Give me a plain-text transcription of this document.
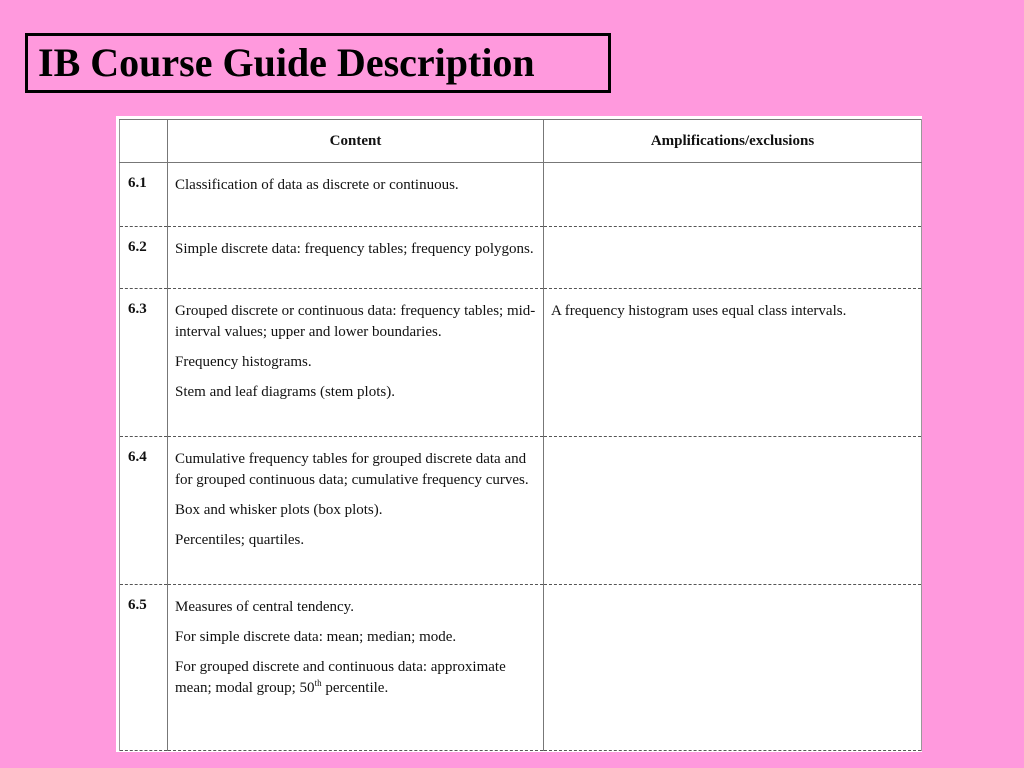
IB Course Guide Description
	Content	Amplifications/exclusions
6.1	Classification of data as discrete or continuous.	

6.2	Simple discrete data: frequency tables; frequency polygons.	

6.3	Grouped discrete or continuous data: frequency tables; mid-interval values; upper and lower boundaries.

Frequency histograms.

Stem and leaf diagrams (stem plots).	A frequency histogram uses equal class intervals.

6.4	Cumulative frequency tables for grouped discrete data and for grouped continuous data; cumulative frequency curves.

Box and whisker plots (box plots).

Percentiles; quartiles.	

6.5	Measures of central tendency.

For simple discrete data: mean; median; mode.

For grouped discrete and continuous data: approximate mean; modal group; 50th percentile.	
